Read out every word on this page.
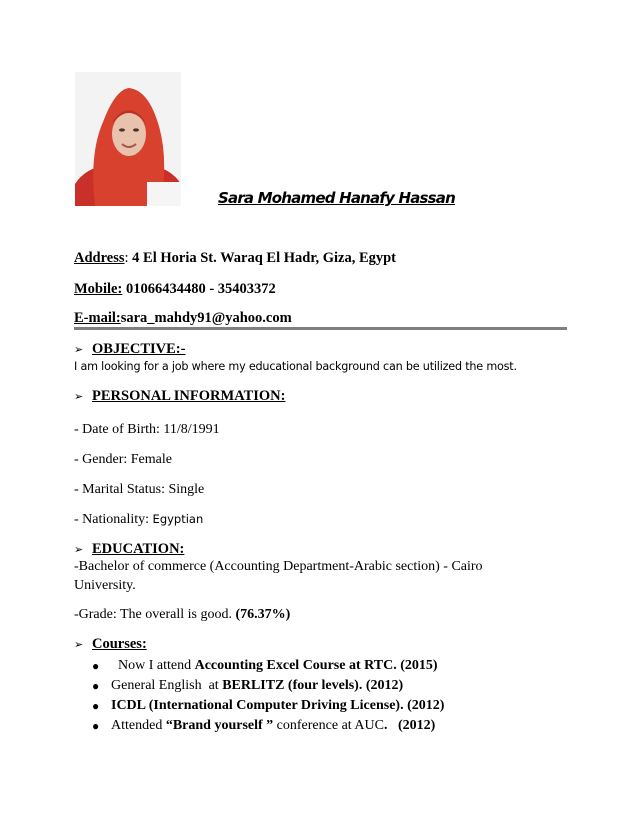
Sara Mohamed Hanafy Hassan
Address: 4 El Horia St. Waraq El Hadr, Giza, Egypt
Mobile: 01066434480 - 35403372
E-mail:sara_mahdy91@yahoo.com
➢ OBJECTIVE:-
I am looking for a job where my educational background can be utilized the most.
➢ PERSONAL INFORMATION:
- Date of Birth: 11/8/1991
- Gender: Female
- Marital Status: Single
- Nationality: Egyptian
➢ EDUCATION:
-Bachelor of commerce (Accounting Department-Arabic section) - Cairo
University.
-Grade: The overall is good. (76.37%)
➢ Courses:
● Now I attend Accounting Excel Course at RTC. (2015)
● General English  at BERLITZ (four levels). (2012)
● ICDL (International Computer Driving License). (2012)
● Attended “Brand yourself ” conference at AUC .   (2012)
